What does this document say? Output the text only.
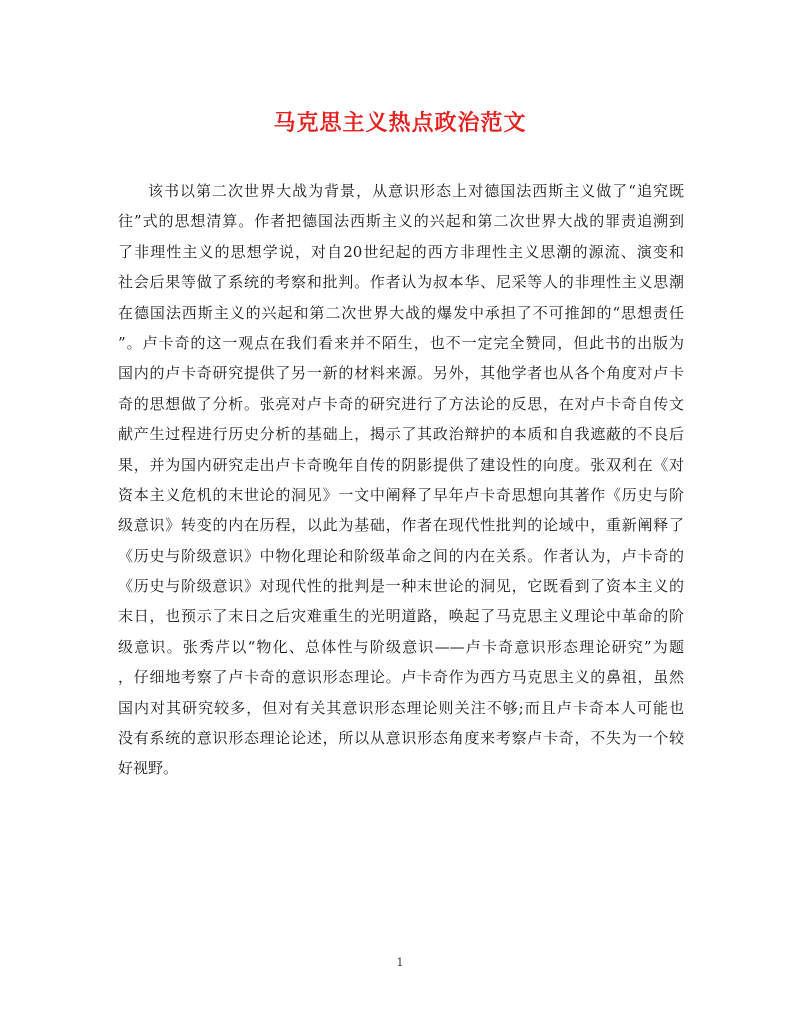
马克思主义热点政治范文
该书以第二次世界大战为背景，从意识形态上对德国法西斯主义做了“追究既
往”式的思想清算。作者把德国法西斯主义的兴起和第二次世界大战的罪责追溯到
了非理性主义的思想学说，对自20世纪起的西方非理性主义思潮的源流、演变和
社会后果等做了系统的考察和批判。作者认为叔本华、尼采等人的非理性主义思潮
在德国法西斯主义的兴起和第二次世界大战的爆发中承担了不可推卸的“思想责任
”。卢卡奇的这一观点在我们看来并不陌生，也不一定完全赞同，但此书的出版为
国内的卢卡奇研究提供了另一新的材料来源。另外，其他学者也从各个角度对卢卡
奇的思想做了分析。张亮对卢卡奇的研究进行了方法论的反思，在对卢卡奇自传文
献产生过程进行历史分析的基础上，揭示了其政治辩护的本质和自我遮蔽的不良后
果，并为国内研究走出卢卡奇晚年自传的阴影提供了建设性的向度。张双利在《对
资本主义危机的末世论的洞见》一文中阐释了早年卢卡奇思想向其著作《历史与阶
级意识》转变的内在历程，以此为基础，作者在现代性批判的论域中，重新阐释了
《历史与阶级意识》中物化理论和阶级革命之间的内在关系。作者认为，卢卡奇的
《历史与阶级意识》对现代性的批判是一种末世论的洞见，它既看到了资本主义的
末日，也预示了末日之后灾难重生的光明道路，唤起了马克思主义理论中革命的阶
级意识。张秀芹以“物化、总体性与阶级意识——卢卡奇意识形态理论研究”为题
，仔细地考察了卢卡奇的意识形态理论。卢卡奇作为西方马克思主义的鼻祖，虽然
国内对其研究较多，但对有关其意识形态理论则关注不够;而且卢卡奇本人可能也
没有系统的意识形态理论论述，所以从意识形态角度来考察卢卡奇，不失为一个较
好视野。
1
